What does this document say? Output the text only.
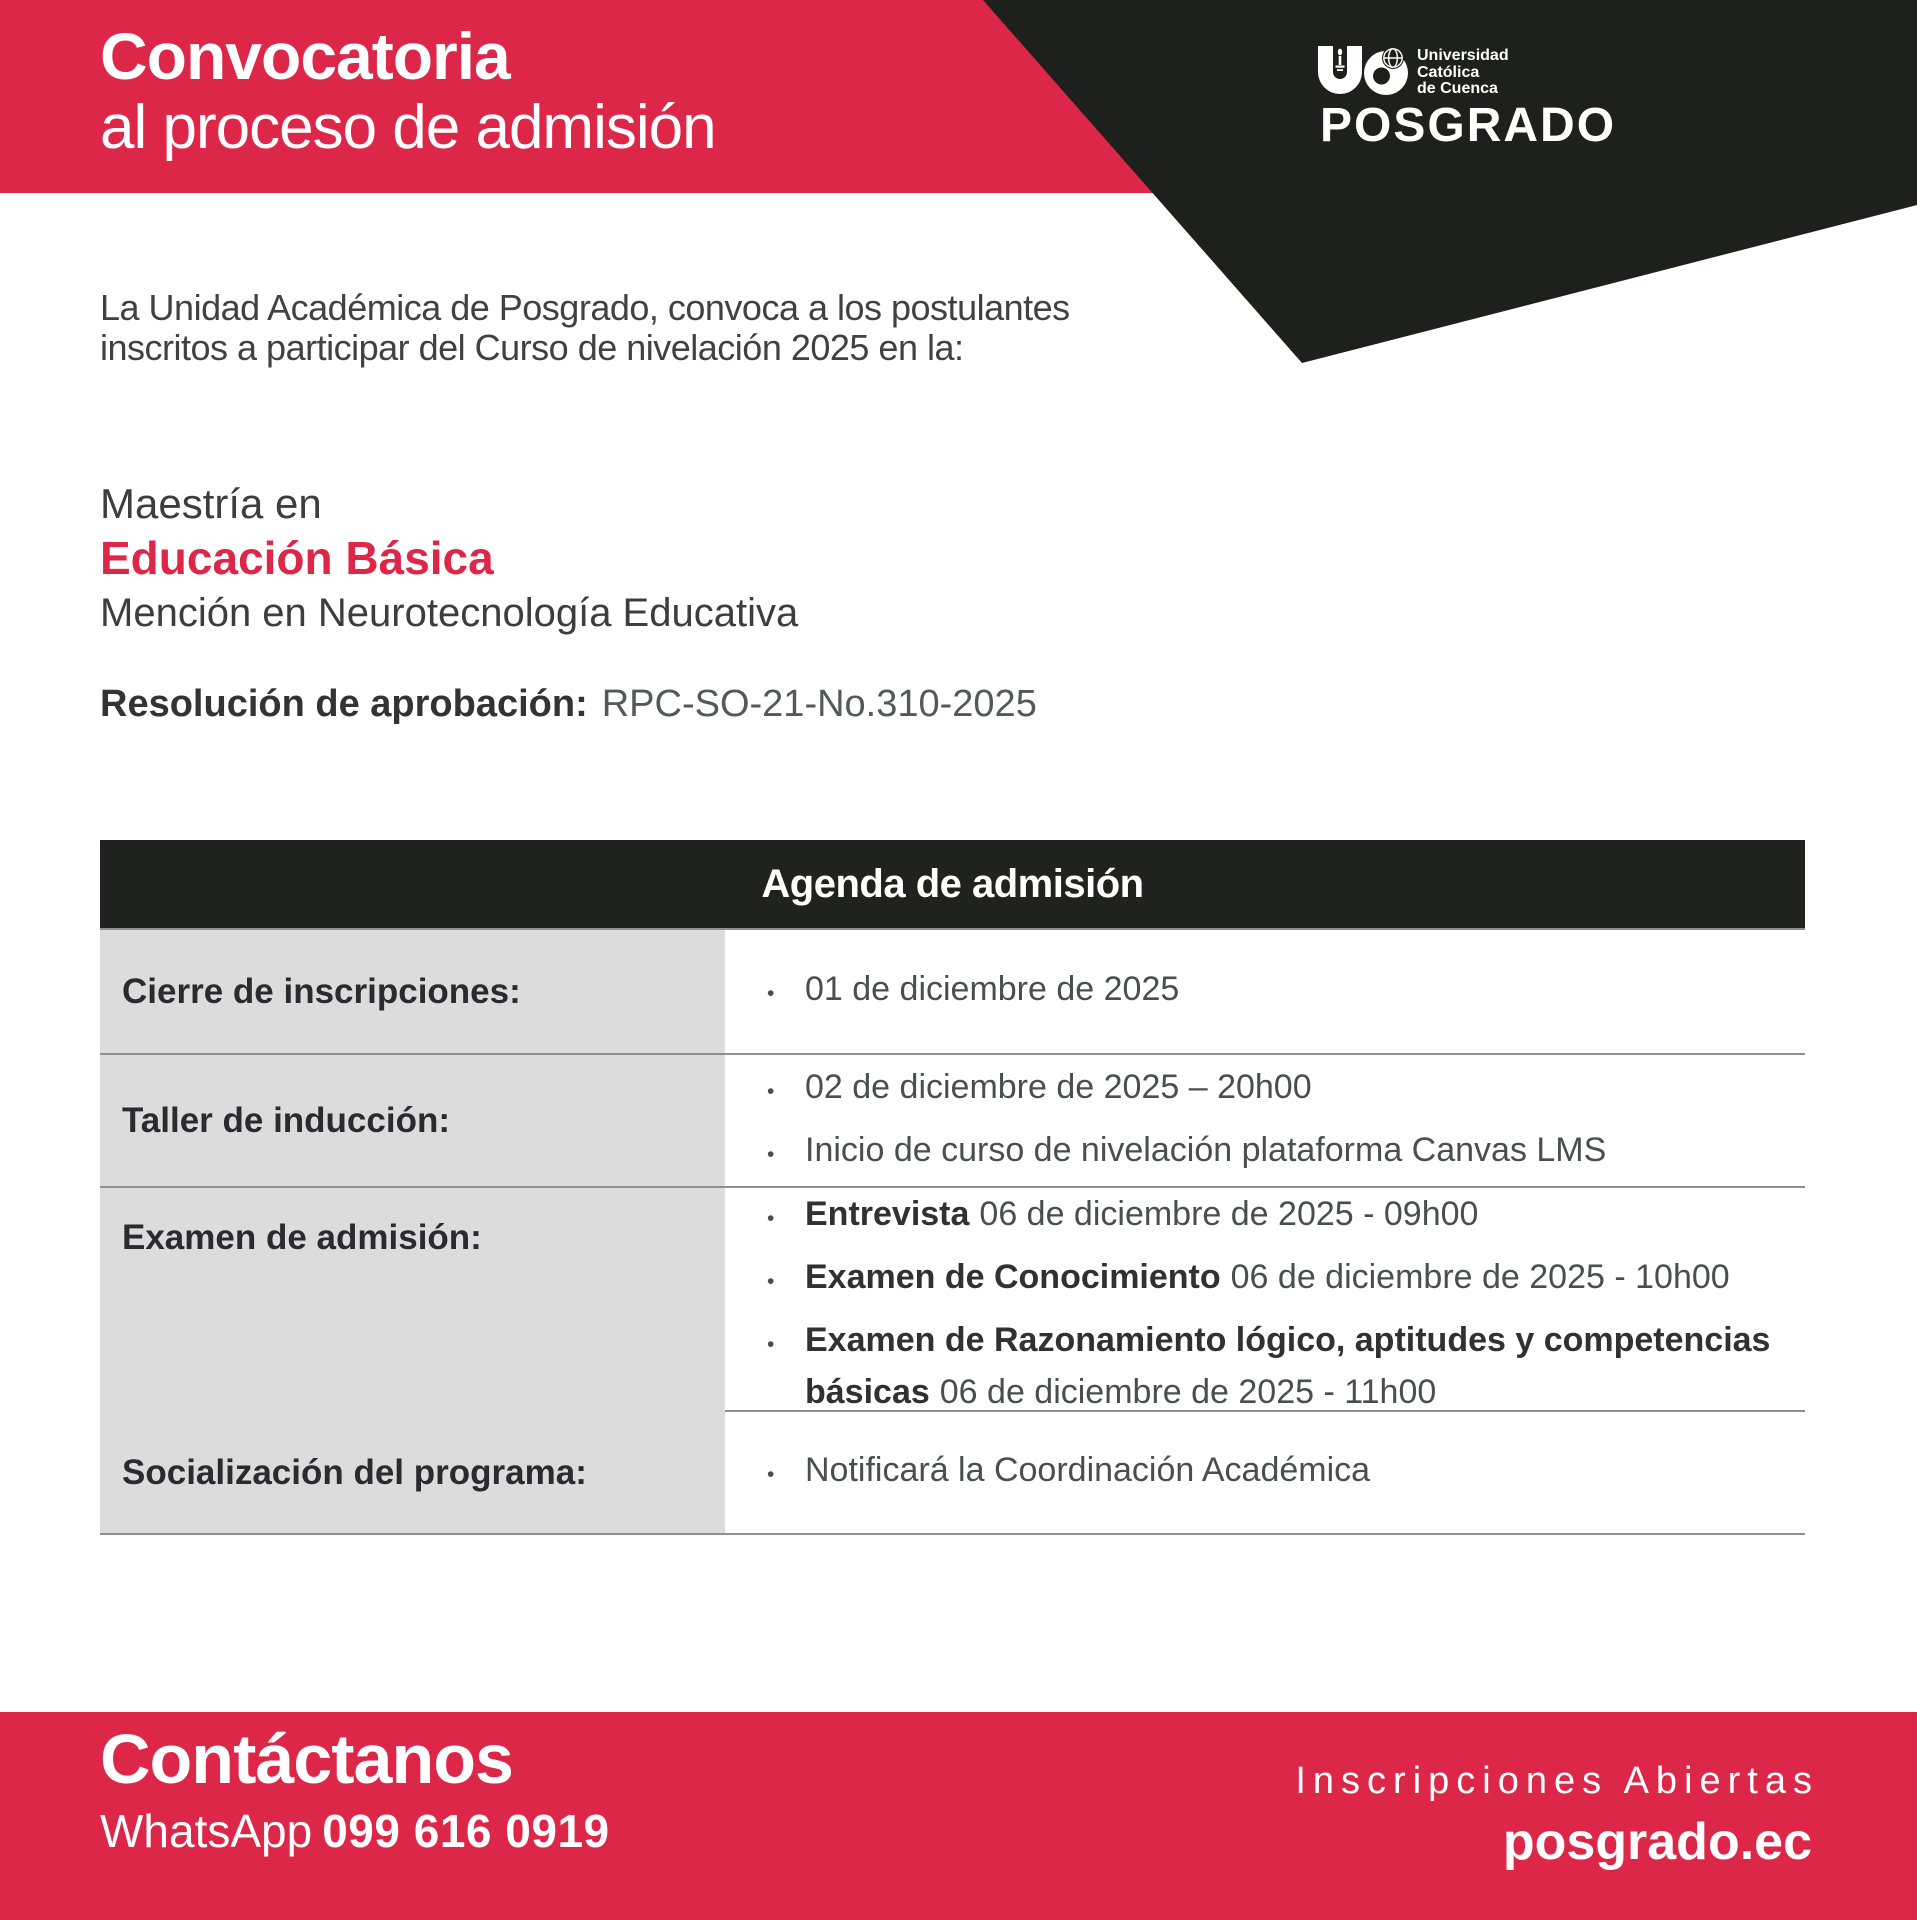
Convocatoria
al proceso de admisión
Universidad
Católica
de Cuenca
POSGRADO
La Unidad Académica de Posgrado, convoca a los postulantes
inscritos a participar del Curso de nivelación 2025 en la:
Maestría en
Educación Básica
Mención en Neurotecnología Educativa
Resolución de aprobación: RPC-SO-21-No.310-2025
Agenda de admisión
Cierre de inscripciones:	• 01 de diciembre de 2025
Taller de inducción:
• 02 de diciembre de 2025 – 20h00
• Inicio de curso de nivelación plataforma Canvas LMS
Examen de admisión:	• Entrevista 06 de diciembre de 2025 - 09h00
• Examen de Conocimiento 06 de diciembre de 2025 - 10h00
• Examen de Razonamiento lógico, aptitudes y competencias básicas 06 de diciembre de 2025 - 11h00
Socialización del programa:	• Notificará la Coordinación Académica
Contáctanos
WhatsApp 099 616 0919
Inscripciones Abiertas
posgrado.ec
